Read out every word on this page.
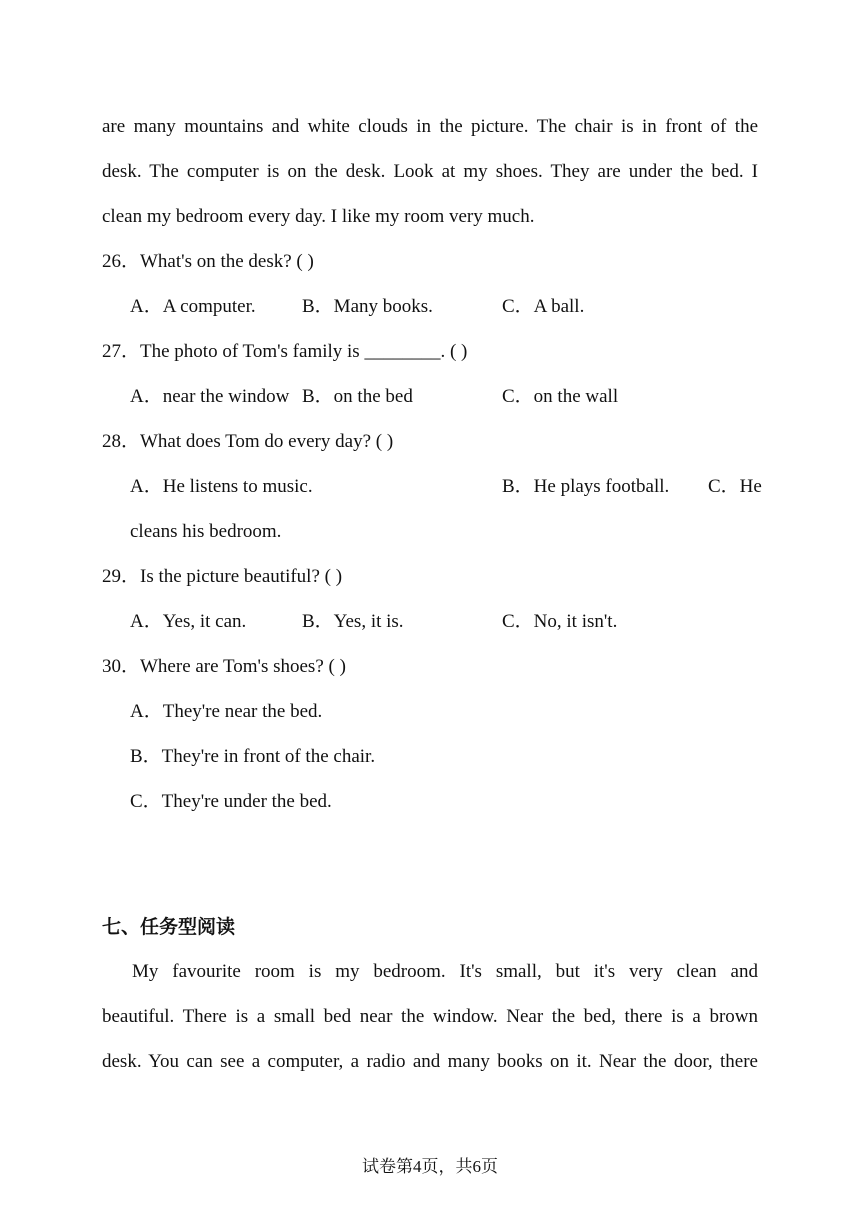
are many mountains and white clouds in the picture. The chair is in front of the
desk. The computer is on the desk. Look at my shoes. They are under the bed. I
clean my bedroom every day. I like my room very much.
26．What's on the desk? ( )
A．A computer. B．Many books.	C．A ball.
27．The photo of Tom's family is ________. ( )
A．near the window B．on the bed	C．on the wall
28．What does Tom do every day? ( )
A．He listens to music.	B．He plays football. C．He
cleans his bedroom.
29．Is the picture beautiful? ( )
A．Yes, it can.	B．Yes, it is.	C．No, it isn't.
30．Where are Tom's shoes? ( )
A．They're near the bed.
B．They're in front of the chair.
C．They're under the bed.
七、任务型阅读
My favourite room is my bedroom. It's small, but it's very clean and
beautiful. There is a small bed near the window. Near the bed, there is a brown
desk. You can see a computer, a radio and many books on it. Near the door, there
试卷第4页，共6页
